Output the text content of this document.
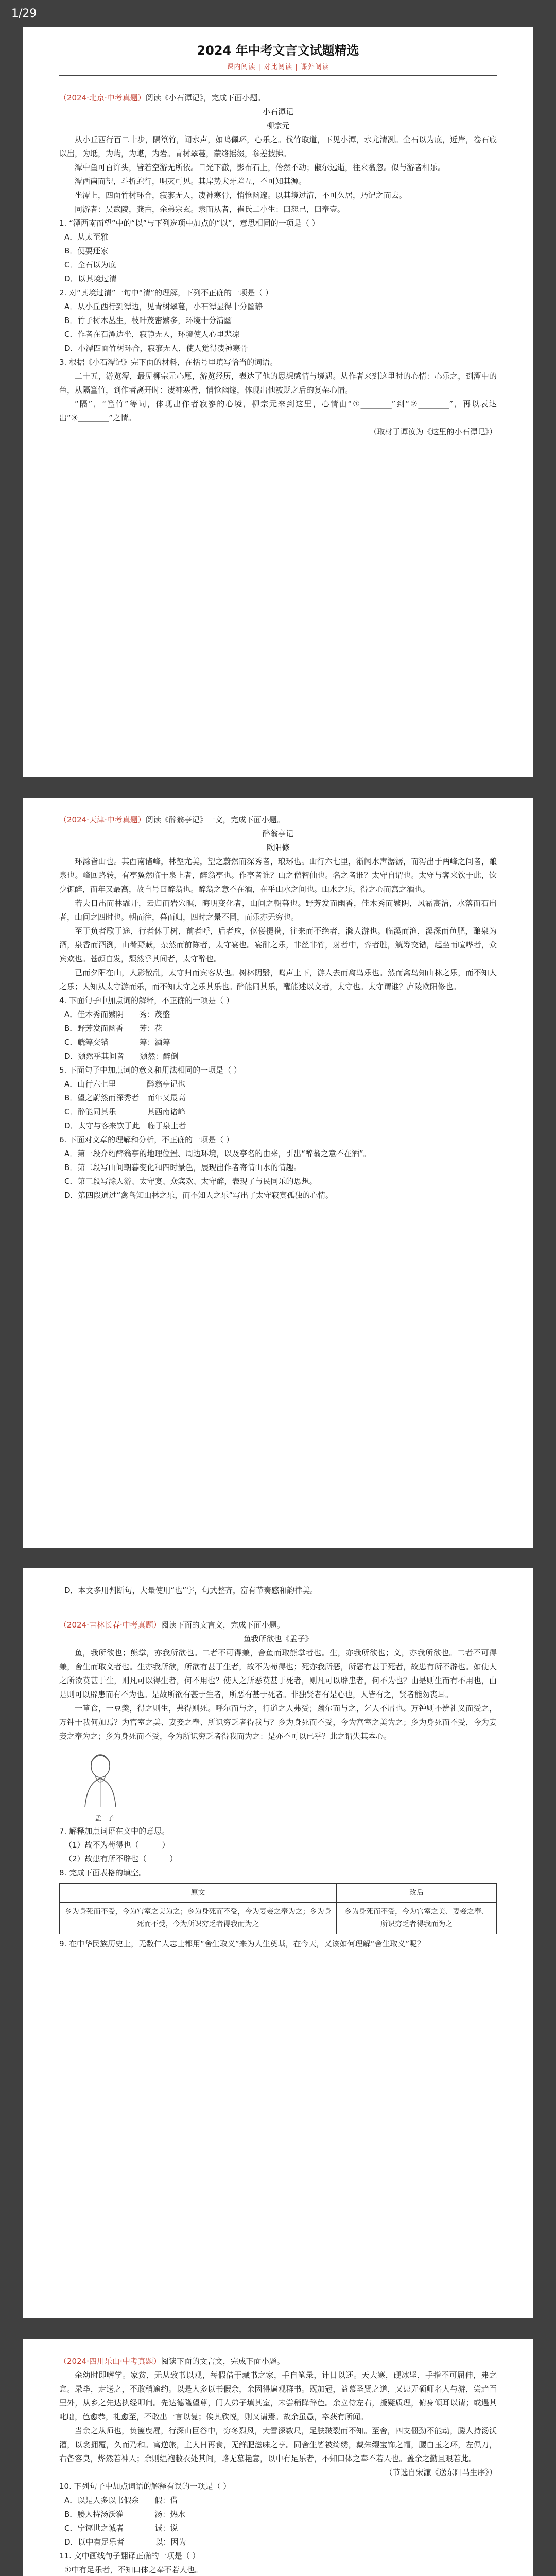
1/29
2024 年中考文言文试题精选
课内阅读 | 对比阅读 | 课外阅读

（2024·北京·中考真题）阅读《小石潭记》，完成下面小题。

小石潭记

柳宗元

从小丘西行百二十步，隔篁竹，闻水声，如鸣佩环，心乐之。伐竹取道，下见小潭，水尤清冽。全石以为底，近岸，卷石底以出，为坻，为屿，为嵁，为岩。青树翠蔓，蒙络摇缀，参差披拂。

潭中鱼可百许头，皆若空游无所依。日光下澈，影布石上，佁然不动；俶尔远逝，往来翕忽。似与游者相乐。

潭西南而望，斗折蛇行，明灭可见。其岸势犬牙差互，不可知其源。

坐潭上，四面竹树环合，寂寥无人，凄神寒骨，悄怆幽邃。以其境过清，不可久居，乃记之而去。

同游者：吴武陵，龚古，余弟宗玄。隶而从者，崔氏二小生：曰恕己，曰奉壹。

1. “潭西南而望”中的“以”与下列选项中加点的“以”，意思相同的一项是（ ）

A．从太至雅

B．便要还家

C．全石以为底

D．以其境过清

2. 对“其境过清”一句中“清”的理解，下列不正确的一项是（ ）

A．从小丘西行到潭边，见青树翠蔓，小石潭显得十分幽静

B．竹子树木丛生，枝叶茂密繁多，环境十分清幽

C．作者在石潭边坐，寂静无人，环境使人心里悲凉

D．小潭四面竹树环合，寂寥无人，使人觉得凄神寒骨

3. 根据《小石潭记》完下面的材料，在括号里填写恰当的词语。

二十五，游览潭，最见柳宗元心愿，游览经历，表达了他的思想感情与境遇。从作者来到这里时的心情：心乐之，到潭中的鱼，从隔篁竹，到作者离开时：凄神寒骨，悄怆幽邃，体现出他被贬之后的复杂心情。

“隔”，“篁竹”等词，体现出作者寂寥的心境，柳宗元来到这里，心情由“①________”到“②________”，再以表达出“③________”之情。

（取材于谭汝为《这里的小石潭记》）

（2024·天津·中考真题）阅读《醉翁亭记》一文，完成下面小题。

醉翁亭记

欧阳修

环滁皆山也。其西南诸峰，林壑尤美，望之蔚然而深秀者，琅琊也。山行六七里，渐闻水声潺潺，而泻出于两峰之间者，酿泉也。峰回路转，有亭翼然临于泉上者，醉翁亭也。作亭者谁？山之僧智仙也。名之者谁？太守自谓也。太守与客来饮于此，饮少辄醉，而年又最高，故自号曰醉翁也。醉翁之意不在酒，在乎山水之间也。山水之乐，得之心而寓之酒也。

若夫日出而林霏开，云归而岩穴暝，晦明变化者，山间之朝暮也。野芳发而幽香，佳木秀而繁阴，风霜高洁，水落而石出者，山间之四时也。朝而往，暮而归，四时之景不同，而乐亦无穷也。

至于负者歌于途，行者休于树，前者呼，后者应，伛偻提携，往来而不绝者，滁人游也。临溪而渔，溪深而鱼肥，酿泉为酒，泉香而酒洌，山肴野蔌，杂然而前陈者，太守宴也。宴酣之乐，非丝非竹，射者中，弈者胜，觥筹交错，起坐而喧哗者，众宾欢也。苍颜白发，颓然乎其间者，太守醉也。

已而夕阳在山，人影散乱，太守归而宾客从也。树林阴翳，鸣声上下，游人去而禽鸟乐也。然而禽鸟知山林之乐，而不知人之乐；人知从太守游而乐，而不知太守之乐其乐也。醉能同其乐，醒能述以文者，太守也。太守谓谁？庐陵欧阳修也。

4. 下面句子中加点词的解释，不正确的一项是（ ）

A．佳木秀而繁阴　　秀：茂盛

B．野芳发而幽香　　芳：花

C．觥筹交错　　　　筹：酒筹

D．颓然乎其间者　　颓然：醉倒

5. 下面句子中加点词的意义和用法相同的一项是（ ）

A．山行六七里　　　　醉翁亭记也

B．望之蔚然而深秀者　而年又最高

C．醉能同其乐　　　　其西南诸峰

D．太守与客来饮于此　临于泉上者

6. 下面对文章的理解和分析，不正确的一项是（ ）

A．第一段介绍醉翁亭的地理位置、周边环境，以及亭名的由来，引出“醉翁之意不在酒”。

B．第二段写山间朝暮变化和四时景色，展现出作者寄情山水的情趣。

C．第三段写滁人游、太守宴、众宾欢、太守醉，表现了与民同乐的思想。

D．第四段通过“禽鸟知山林之乐，而不知人之乐”写出了太守寂寞孤独的心情。

D．本文多用判断句，大量使用“也”字，句式整齐，富有节奏感和韵律美。

（2024·吉林长春·中考真题）阅读下面的文言文，完成下面小题。

鱼我所欲也《孟子》

鱼，我所欲也；熊掌，亦我所欲也。二者不可得兼，舍鱼而取熊掌者也。生，亦我所欲也；义，亦我所欲也。二者不可得兼，舍生而取义者也。生亦我所欲，所欲有甚于生者，故不为苟得也；死亦我所恶，所恶有甚于死者，故患有所不辟也。如使人之所欲莫甚于生，则凡可以得生者，何不用也？使人之所恶莫甚于死者，则凡可以辟患者，何不为也？由是则生而有不用也，由是则可以辟患而有不为也。是故所欲有甚于生者，所恶有甚于死者。非独贤者有是心也，人皆有之，贤者能勿丧耳。

一箪食，一豆羹，得之则生，弗得则死。呼尔而与之，行道之人弗受；蹴尔而与之，乞人不屑也。万钟则不辨礼义而受之，万钟于我何加焉？为宫室之美、妻妾之奉、所识穷乏者得我与？乡为身死而不受，今为宫室之美为之；乡为身死而不受，今为妻妾之奉为之；乡为身死而不受，今为所识穷乏者得我而为之：是亦不可以已乎？此之谓失其本心。

孟　子

7. 解释加点词语在文中的意思。

（1）故不为苟得也（　　　）

（2）故患有所不辟也（　　　）

8. 完成下面表格的填空。

原文	改后
乡为身死而不受，今为宫室之美为之；乡为身死而不受，今为妻妾之奉为之；乡为身死而不受，今为所识穷乏者得我而为之	乡为身死而不受，今为宫室之美、妻妾之奉、所识穷乏者得我而为之

9. 在中华民族历史上，无数仁人志士都用“舍生取义”来为人生奠基，在今天，又该如何理解“舍生取义”呢？

（2024·四川乐山·中考真题）阅读下面的文言文，完成下面小题。

余幼时即嗜学。家贫，无从致书以观，每假借于藏书之家，手自笔录，计日以还。天大寒，砚冰坚，手指不可屈伸，弗之怠。录毕，走送之，不敢稍逾约。以是人多以书假余，余因得遍观群书。既加冠，益慕圣贤之道，又患无硕师名人与游，尝趋百里外，从乡之先达执经叩问。先达德隆望尊，门人弟子填其室，未尝稍降辞色。余立侍左右，援疑质理，俯身倾耳以请；或遇其叱咄，色愈恭，礼愈至，不敢出一言以复；俟其欣悦，则又请焉。故余虽愚，卒获有所闻。

当余之从师也，负箧曳屣，行深山巨谷中，穷冬烈风，大雪深数尺，足肤皲裂而不知。至舍，四支僵劲不能动，媵人持汤沃灌，以衾拥覆，久而乃和。寓逆旅，主人日再食，无鲜肥滋味之享。同舍生皆被绮绣，戴朱缨宝饰之帽，腰白玉之环，左佩刀，右备容臭，烨然若神人；余则缊袍敝衣处其间，略无慕艳意，以中有足乐者，不知口体之奉不若人也。盖余之勤且艰若此。

（节选自宋濂《送东阳马生序》）

10. 下列句子中加点词语的解释有误的一项是（ ）

A．以是人多以书假余　　假：借

B．媵人持汤沃灌　　　　汤：热水

C．宁诬世之诚者　　　　诚：说

D．以中有足乐者　　　　以：因为

11. 文中画线句子翻译正确的一项是（ ）

①中有足乐者，不知口体之奉不若人也。
